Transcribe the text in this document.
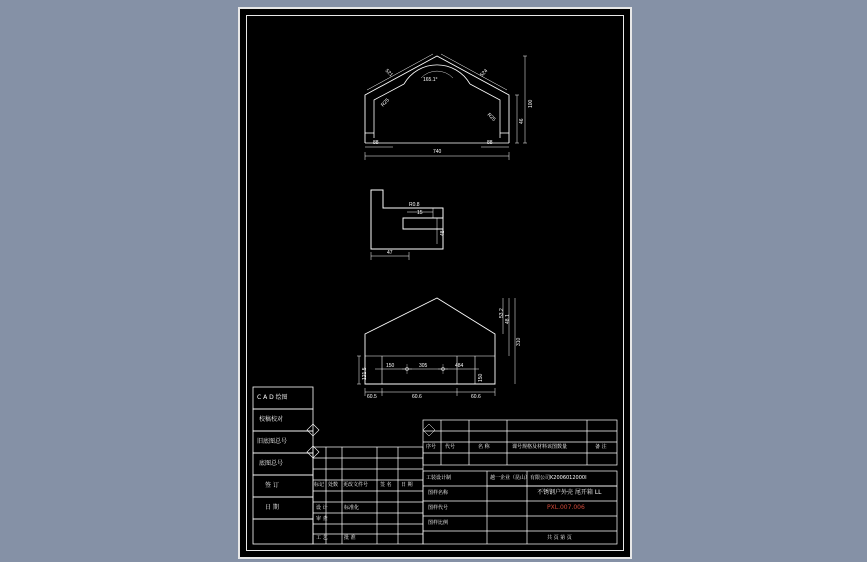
521	524
165.1°
R25
R25
100
46
88	88
740
R0.8
15
48
47
121.5
150	305	484
150
48.1
310
53.2
60.5	60.6	60.6
C A D 绘图
校稿校对
旧底图总号
底图总号
签 订
日 期
标记 处数 更改文件号 签 名 日 期
设 计	标准化
审 查
工 艺	批 准
序号 代号	名 称	课号规格及材料该图数量	备 注
工装设计制	越一企业（昆山）有限公司K2006012000I
图样名称	不锈钢户外壳 尾开箱 LL
图样代号	PXL.007.006
图样比例
共 页 第 页
